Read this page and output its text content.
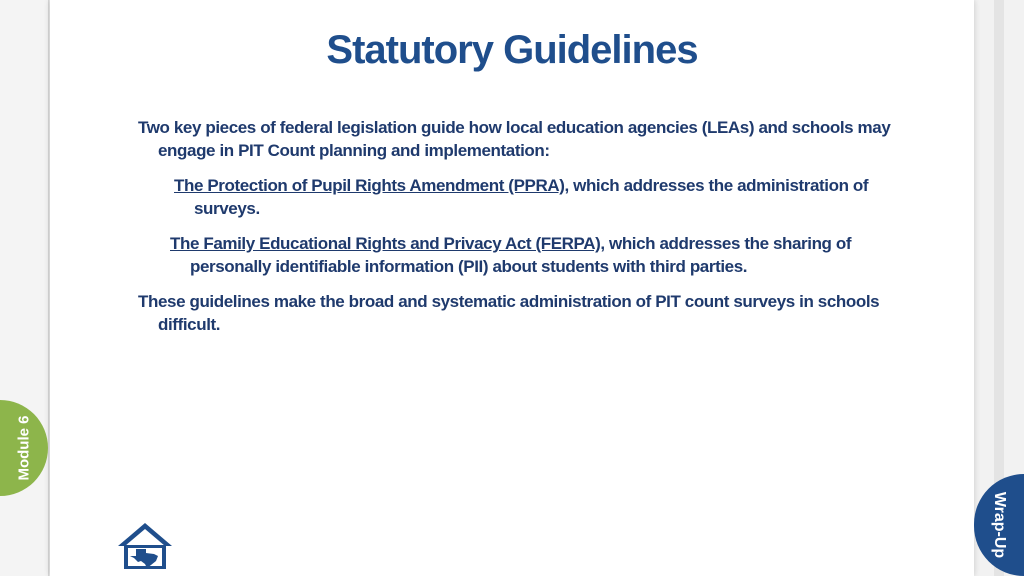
Statutory Guidelines

Two key pieces of federal legislation guide how local education agencies (LEAs) and schools may engage in PIT Count planning and implementation:

The Protection of Pupil Rights Amendment (PPRA), which addresses the administration of surveys.

The Family Educational Rights and Privacy Act (FERPA), which addresses the sharing of personally identifiable information (PII) about students with third parties.

These guidelines make the broad and systematic administration of PIT count surveys in schools difficult.

Module 6
Wrap-Up
